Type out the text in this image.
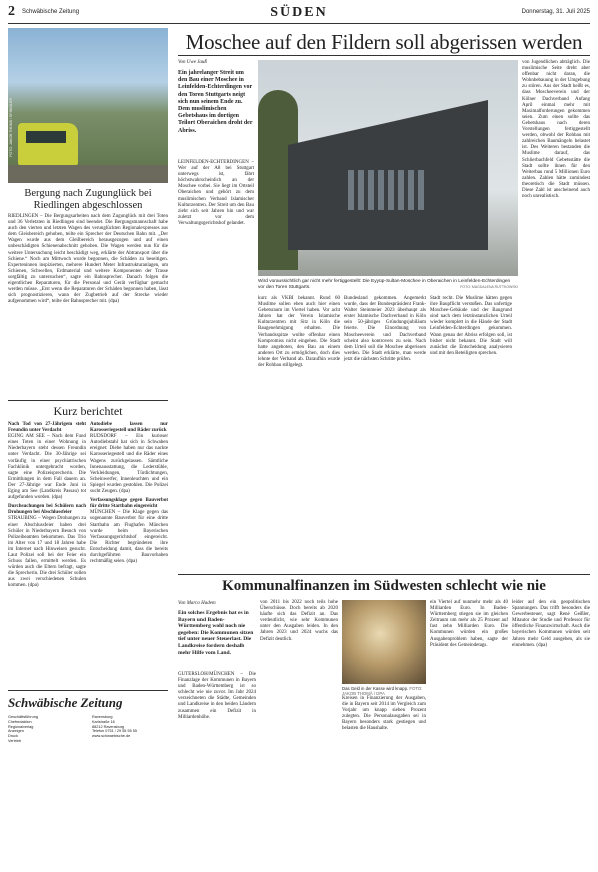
2 Schwäbische Zeitung	SÜDEN	Donnerstag, 31. Juli 2025
FOTO: JAKOB THOMÄ / SPÄNGLER
Bergung nach Zugunglück bei Riedlingen abgeschlossen
RIEDLINGEN – Die Bergungsarbeiten nach dem Zugunglück mit drei Toten und 36 Verletzten in Riedlingen sind beendet. Die Bergungsmannschaft habe auch den vierten und letzten Wagen des verunglückten Regionalexpresses aus dem Gleisbereich gehoben, teilte ein Sprecher der Deutschen Bahn mit. „Der Wagen wurde aus dem Gleilbereich herausgezogen und auf einen unbeschädigten Schienenabschnitt gehoben. Die Wagen werden nun für die weitere Untersuchung leicht beschädigt weg, erklärte der Abtransport über die Schiene.“ Noch am Mittwoch wurde begonnen, die Schäden zu beseitigen. Experteninnen inspizierten, mehrere Hundert Meter Infrastrukturanlagen, um Schienen, Schwellen, Erdmaterial und weitere Komponenten der Trasse sorgfältig zu untersuchen“, sagte ein Bahnsprecher. Danach folgen die eigentlichen Reparaturen, für die Personal und Gerät verfügbar gemacht werden müsse. „Erst wenn die Reparaturen der Schäden begonnen haben, lässt sich prognostizieren, wann der Zugbetrieb auf der Strecke wieder aufgenommen wird“, teilte der Bahnsprecher mit. (dpa)
Kurz berichtet

Nach Tod von 27-Jährigem steht Freundin unter Verdacht

EGING AM SEE – Nach dem Fund eines Toten in einer Wohnung in Niederbayern steht dessen Freundin unter Verdacht. Die 30-Jährige sei vorläufig in einer psychiatrischen Fachklinik untergebracht worden, sagte eine Polizeisprecherin. Die Ermittlungen in dem Fall dauern an. Der 27-Jährige war Ende Juni in Eging am See (Landkreis Passau) tot aufgefunden worden. (dpa)

Durchsuchungen bei Schülern nach Drohungen bei Abschlussfeier

STRAUBING – Wegen Drohungen zu einer Abschlussfeier haben drei Schüler in Niederbayern Besuch von Polizeibeamten bekommen. Das Trio im Alter von 17 und 18 Jahren habe im Internet nach Hinweisen gesucht. Laut Polizei soll bei der Feier ein Schuss fallen, ermittelt werden. Es würden auch die Eltern befragt, sagte die Sprecherin. Die drei Schüler sollen aus zwei verschiedenen Schulen kommen. (dpa)

Autodiebe lassen nur Karosseriegestell und Räder zurück

RUDSDORF – Ein kurioser Autodiebstahl hat sich in Schwaben ereignet: Diebe haben nur das nackte Karosseriegestell und die Räder eines Wagens zurückgelassen. Sämtliche Innenausstattung, die Lederstühle, Verkleidungen, Türdichtungen, Scheinwerfer, Innenleuchten und ein Spiegel wurden gestohlen. Die Polizei sucht Zeugen. (dpa)

Verfassungsklage gegen Bauverbot für dritte Startbahn eingereicht

MÜNCHEN – Die Klage gegen das sogenannte Bauverbot für eine dritte Startbahn am Flughafen München wurde beim Bayerischen Verfassungsgerichtshof eingereicht. Die Richter begründeten ihre Entscheidung damit, dass die bereits durchgeführten Bauvorhaben rechtmäßig seien. (dpa)

Schwäbische Zeitung
Geschäftsführung
Chefredaktion
Regionalverlag
Anzeigen
Druck
Vertrieb
Ravensburg
Karlstraße 16
88212 Ravensburg
Telefon 0751 / 29 55 55 55
www.schwaebische.de
Moschee auf den Fildern soll abgerissen werden
Von Uwe Jauß
Ein jahrelanger Streit um den Bau einer Moschee in Leinfelden-Echterdingen vor den Toren Stuttgarts neigt sich nun seinem Ende zu. Dem muslimischen Gebetshaus im dortigen Teilort Oberaichen droht der Abriss.
LEINFELDEN-ECHTERDINGEN – Wer auf der A8 bei Stuttgart unterwegs ist, fährt höchstwahrscheinlich an der Moschee vorbei. Sie liegt im Ortsteil Oberaichen und gehört zu dem muslimischen Verband Islamischer Kulturzentren. Der Streit um den Bau zieht sich seit Jahren hin und war zuletzt vor dem Verwaltungsgerichtshof gelandet.
Wird voraussichtlich gar nicht mehr fertiggestellt: Die Eyyüp-Sultan-Moschee in Oberaichen in Leinfelden-Echterdingen vor den Toren Stuttgarts.	FOTO: MAGDALENA RUTTKOWSKI
von Jugendlichen abträglich. Die muslimische Seite dreht aber offenbar nicht daran, die Wohnbebauung in der Umgebung zu stören. Aus der Stadt heißt es, dass Moscheeverein und der Kölner Dachverband Anfang April einmal mehr mit Maximalforderungen gekommen seien. Zum einen sollte das Gebetshaus nach deren Vorstellungen fertiggestellt werden, obwohl der Rohbau mit zahlreichen Baumängeln belastet ist. Des Weiteren bestanden die Muslime darauf, das Schlierbachfeld Gebetsstätte die Stadt sollte ihnen für den Weiterbau rund 5 Millionen Euro zahlen. Zahlen hätte zumindest theoretisch die Stadt müssen. Diese Zahl ist anscheinend auch noch unrealistisch.
kurz als VKBI bekannt. Rund 60 Muslime sollen eben auch hier einen Gebetsraum im Viertel haben. Vor acht Jahren hat der Verein Islamische Kulturzentren mit Sitz in Köln die Baugenehmigung erhalten. Die Verbandsspitze wollte offenbar einen Kompromiss nicht eingehen. Die Stadt hatte angeboten, den Bau an einem anderen Ort zu ermöglichen, doch dies lehnte der Verband ab. Daraufhin wurde der Rohbau stillgelegt.
Bundesland gekommen. Angemerkt wurde, dass der Bundespräsident Frank-Walter Steinmeier 2023 überhaupt als erster Islamische Dachverband in Köln sein 50-jähriges Gründungsjubiläum feierte. Die Einordnung von Moscheeverein und Dachverband scheint also kontrovers zu sein. Nach dem Urteil soll die Moschee abgerissen werden. Die Stadt erklärte, man werde jetzt die nächsten Schritte prüfen.
Stadt recht. Die Muslime hätten gegen ihre Baupflicht verstoßen. Das unfertige Moschee-Gebäude und der Baugrund sind nach dem letztinstanzlichen Urteil wieder komplett in die Hände der Stadt Leinfelden-Echterdingen gekommen. Wann genau der Abriss erfolgen soll, ist bisher nicht bekannt. Die Stadt will zunächst die Entscheidung analysieren und mit den Beteiligten sprechen.
Kommunalfinanzen im Südwesten schlecht wie nie
Von Marco Hadem
Ein solches Ergebnis hat es in Bayern und Baden-Württemberg wohl noch nie gegeben: Die Kommunen sitzen tief unter neuer Steuerlast. Die Landkreise fordern deshalb mehr Hilfe vom Land.
GUTERSLOH/MÜNCHEN – Die Finanzlage der Kommunen in Bayern und Baden-Württemberg ist so schlecht wie nie zuvor. Im Jahr 2024 verzeichneten die Städte, Gemeinden und Landkreise in den beiden Ländern zusammen ein Defizit in Milliardenhöhe.
von 2011 bis 2022 noch teils hohe Überschüsse. Doch bereits ab 2020 häufte sich das Defizit an. Das verdeutlicht, wie sehr Kommunen unter den Ausgaben leiden. In den Jahren 2023 und 2024 wuchs das Defizit deutlich.
Das Geld in der Kasse wird knapp. FOTO: JAKOB THOMÄ / DPA
Kreisen in Finanzierung der Ausgaben, die in Bayern seit 2014 im Vergleich zum Vorjahr um knapp sieben Prozent zulegten. Die Personalausgaben sei in Bayern besonders stark gestiegen und belasten die Haushalte.
ein Viertel auf nunmehr mehr als 40 Milliarden Euro. In Baden-Württemberg stiegen sie im gleichen Zeitraum um mehr als 25 Prozent auf fast zehn Milliarden Euro. Die Kommunen würden ein großes Ausgabenproblem haben, sagte der Präsident des Gemeindetags.
leider auf den ein geopolitischen Spannungen. Das trifft besonders die Gewerbesteuer, sagt René Geißler, Mitautor der Studie und Professor für öffentliche Finanzwirtschaft. Auch die bayerischen Kommunen würden seit Jahren mehr Geld ausgeben, als sie einnehmen. (dpa)
